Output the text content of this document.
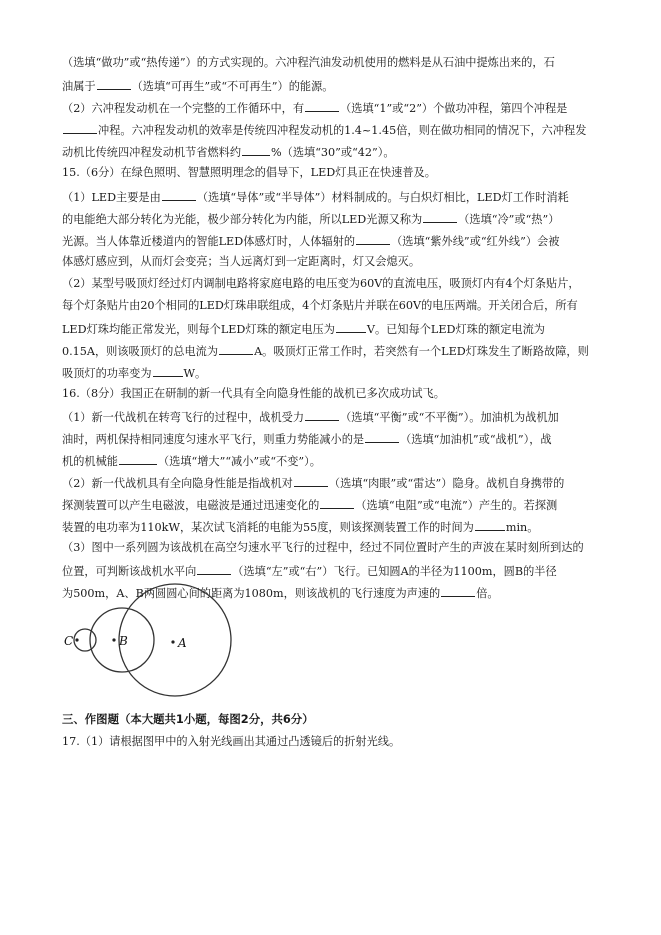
（选填“做功”或“热传递”）的方式实现的。六冲程汽油发动机使用的燃料是从石油中提炼出来的，石
油属于	（选填“可再生”或“不可再生”）的能源。
（2）六冲程发动机在一个完整的工作循环中，有	（选填“1”或“2”）个做功冲程，第四个冲程是
冲程。六冲程发动机的效率是传统四冲程发动机的1.4~1.45倍，则在做功相同的情况下，六冲程发
动机比传统四冲程发动机节省燃料约	%（选填“30”或“42”）。
15.（6分）在绿色照明、智慧照明理念的倡导下，LED灯具正在快速普及。
（1）LED主要是由	（选填“导体”或“半导体”）材料制成的。与白炽灯相比，LED灯工作时消耗
的电能绝大部分转化为光能，极少部分转化为内能，所以LED光源又称为	（选填“冷”或“热”）
光源。当人体靠近楼道内的智能LED体感灯时，人体辐射的	（选填“紫外线”或“红外线”）会被
体感灯感应到，从而灯会变亮；当人远离灯到一定距离时，灯又会熄灭。
（2）某型号吸顶灯经过灯内调制电路将家庭电路的电压变为60V的直流电压，吸顶灯内有4个灯条贴片，
每个灯条贴片由20个相同的LED灯珠串联组成，4个灯条贴片并联在60V的电压两端。开关闭合后，所有
LED灯珠均能正常发光，则每个LED灯珠的额定电压为	V。已知每个LED灯珠的额定电流为
0.15A，则该吸顶灯的总电流为	A。吸顶灯正常工作时，若突然有一个LED灯珠发生了断路故障，则
吸顶灯的功率变为	W。
16.（8分）我国正在研制的新一代具有全向隐身性能的战机已多次成功试飞。
（1）新一代战机在转弯飞行的过程中，战机受力	（选填“平衡”或“不平衡”）。加油机为战机加
油时，两机保持相同速度匀速水平飞行，则重力势能减小的是	（选填“加油机”或“战机”），战
机的机械能	（选填“增大”“减小”或“不变”）。
（2）新一代战机具有全向隐身性能是指战机对	（选填“肉眼”或“雷达”）隐身。战机自身携带的
探测装置可以产生电磁波，电磁波是通过迅速变化的	（选填“电阻”或“电流”）产生的。若探测
装置的电功率为110kW，某次试飞消耗的电能为55度，则该探测装置工作的时间为	min。
（3）图中一系列圆为该战机在高空匀速水平飞行的过程中，经过不同位置时产生的声波在某时刻所到达的
位置，可判断该战机水平向	（选填“左”或“右”）飞行。已知圆A的半径为1100m，圆B的半径
为500m，A、B两圆圆心间的距离为1080m，则该战机的飞行速度为声速的	倍。
C	B	A
三、作图题（本大题共1小题，每图2分，共6分）
17.（1）请根据图甲中的入射光线画出其通过凸透镜后的折射光线。
